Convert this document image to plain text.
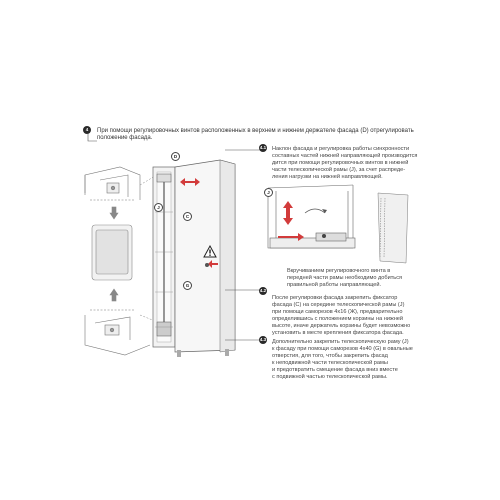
4	При помощи регулировочных винтов расположенных в верхнем и нижнем держателе фасада (D) отрегулировать
положение фасада.
D
J
C
G
4.1 Наклон фасада и регулировка работы синхронности
составных частей нижней направляющей производится
дится при помощи регулировочных винтов в нижней
части телескопической рамы (J), за счет распреде-
ления нагрузки на нижней направляющей.
J
Вкручиванием регулировочного винта в
передней части рамы необходимо добиться
правильной работы направляющей.
4.2
После регулировки фасада закрепить фиксатор
фасада (С) на середине телескопической рамы (J)
при помощи саморезов 4х16 (Ж), предварительно
определившись с положением корзины на нижней
высоте, иначе держатель корзины будет невозможно
установить в месте крепления фиксатора фасада.
4.3 Дополнительно закрепить телескопическую раму (J)
к фасаду при помощи саморезов 4х40 (G) в овальные
отверстия, для того, чтобы закрепить фасад
к неподвижной части телескопической рамы
и предотвратить смещение фасада вниз вместе
с подвижной частью телескопической рамы.
